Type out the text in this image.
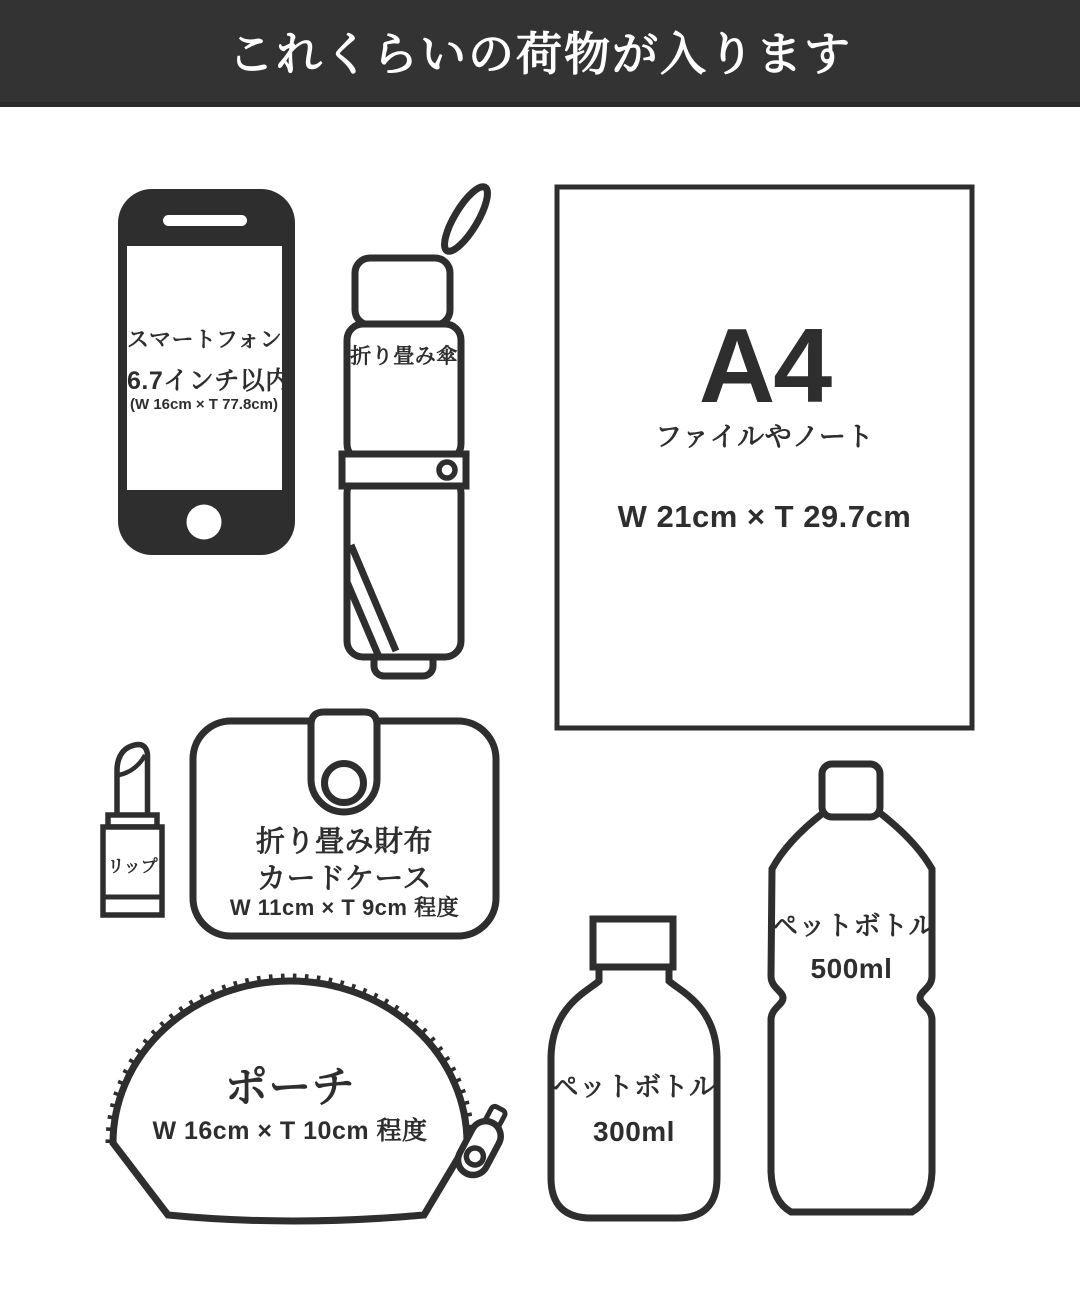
これくらいの荷物が入ります
スマートフォン
6.7インチ以内
(W 16cm × T 77.8cm)
折り畳み傘	A4
ファイルやノート
W 21cm × T 29.7cm
リップ
折り畳み財布
カードケース
W 11cm × T 9cm 程度
ポーチ
W 16cm × T 10cm 程度
ペットボトル
300ml
ペットボトル
500ml
